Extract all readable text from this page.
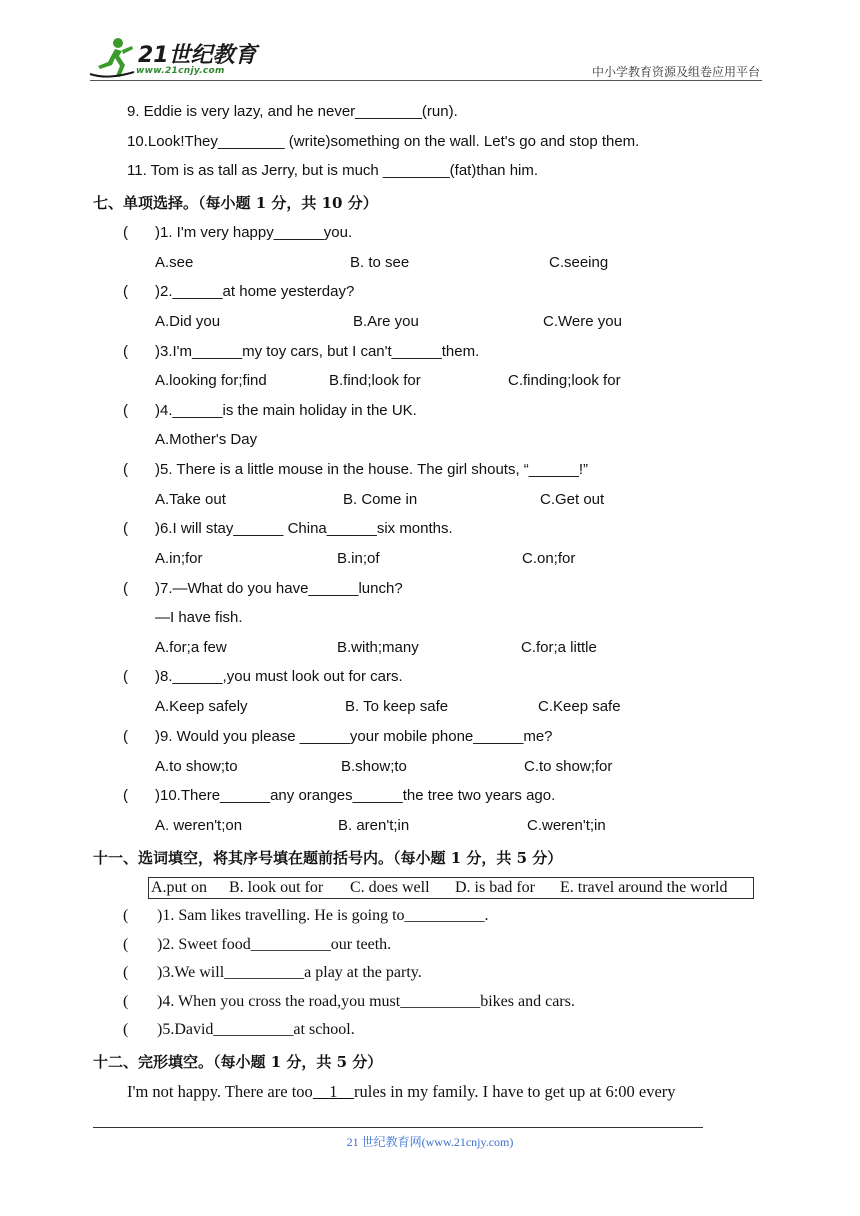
21世纪教育
www.21cnjy.com	中小学教育资源及组卷应用平台
9. Eddie is very lazy, and he never________(run).
10.Look!They________ (write)something on the wall. Let's go and stop them.
11. Tom is as tall as Jerry, but is much ________(fat)than him.
七、单项选择。（每小题 1 分，共 10 分）
( )1. I'm very happy______you.
A.see	B. to see	C.seeing
( )2.______at home yesterday?
A.Did you	B.Are you	C.Were you
( )3.I'm______my toy cars, but I can't______them.
A.looking for;find	B.find;look for	C.finding;look for
( )4.______is the main holiday in the UK.
A.Mother's Day
( )5. There is a little mouse in the house. The girl shouts, “______!”
A.Take out	B. Come in	C.Get out
( )6.I will stay______ China______six months.
A.in;for	B.in;of	C.on;for
( )7.—What do you have______lunch?
—I have fish.
A.for;a few	B.with;many	C.for;a little
( )8.______,you must look out for cars.
A.Keep safely	B. To keep safe	C.Keep safe
( )9. Would you please ______your mobile phone______me?
A.to show;to	B.show;to	C.to show;for
( )10.There______any oranges______the tree two years ago.
A. weren't;on	B. aren't;in	C.weren't;in
十一、选词填空，将其序号填在题前括号内。（每小题 1 分，共 5 分）
A.put on B. look out for C. does well D. is bad for E. travel around the world
( )1. Sam likes travelling. He is going to__________.
( )2. Sweet food__________our teeth.
( )3.We will__________a play at the party.
( )4. When you cross the road,you must__________bikes and cars.
( )5.David__________at school.
十二、完形填空。（每小题 1 分，共 5 分）
I'm not happy. There are too 1 rules in my family. I have to get up at 6:00 every
21 世纪教育网(www.21cnjy.com)
